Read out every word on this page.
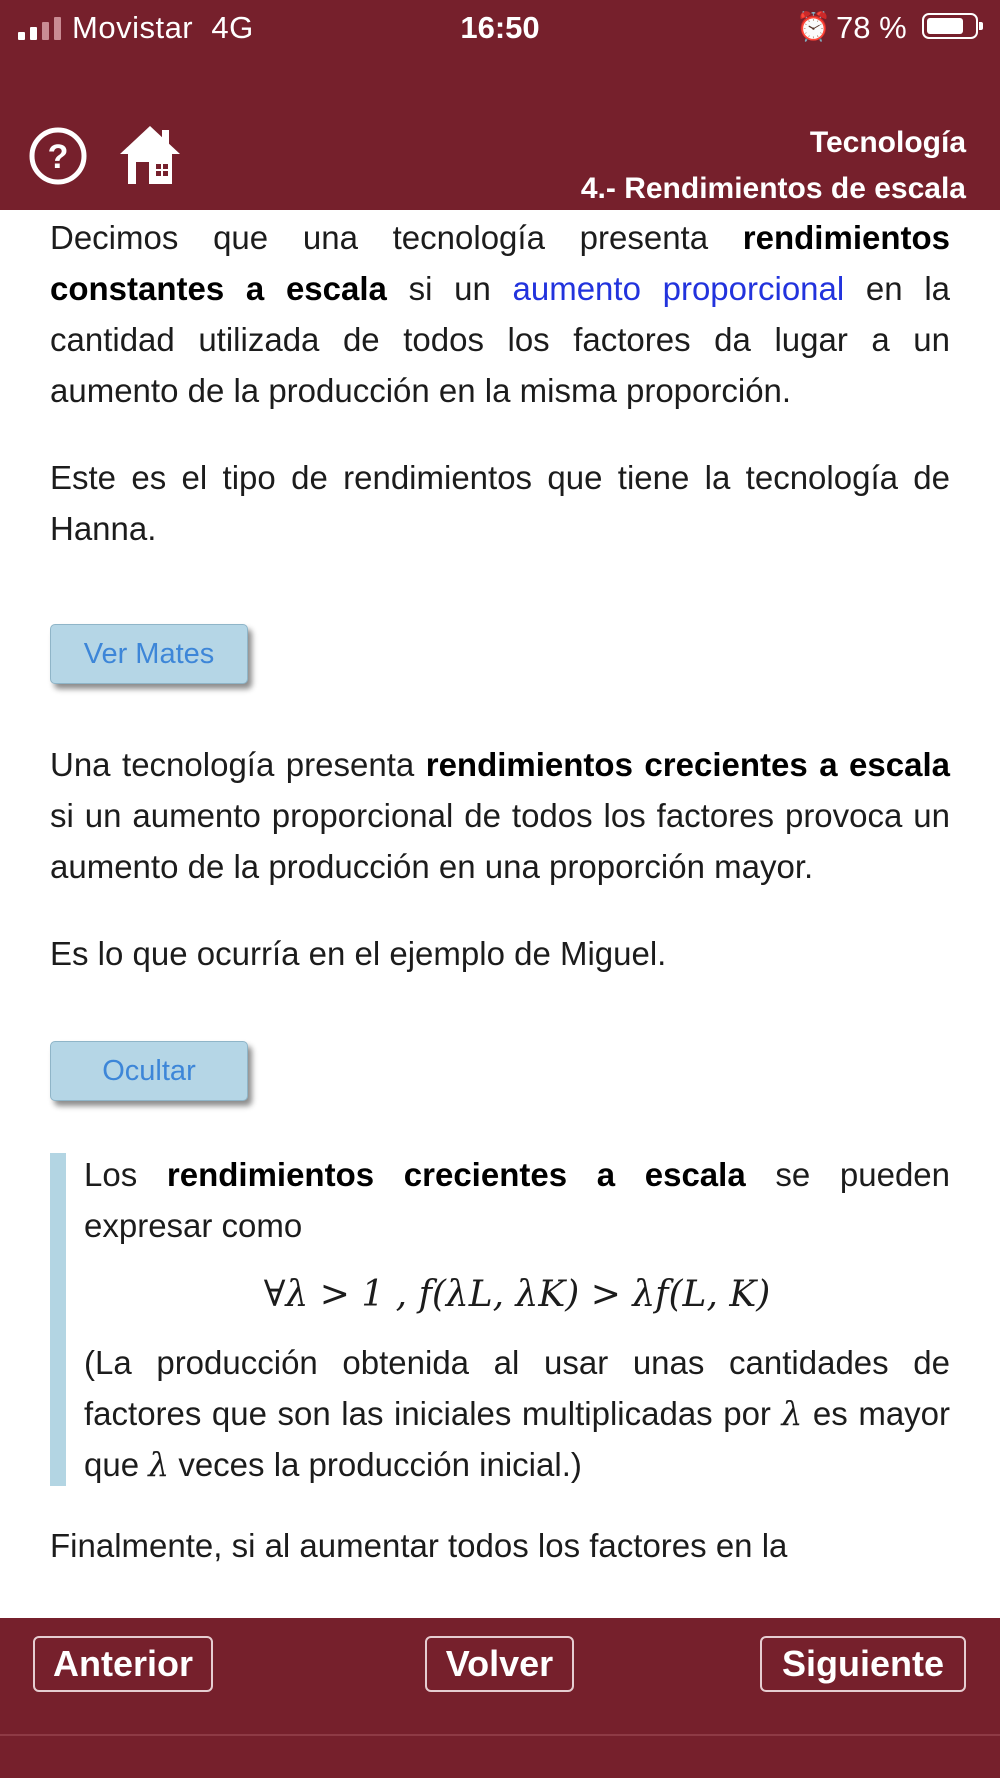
Movistar 4G	16:50	⏰ 78 %
?	Tecnología
4.- Rendimientos de escala

Decimos que una tecnología presenta rendimientos constantes a escala si un aumento proporcional en la cantidad utilizada de todos los factores da lugar a un aumento de la producción en la misma proporción.

Este es el tipo de rendimientos que tiene la tecnología de Hanna.

Ver Mates

Una tecnología presenta rendimientos crecientes a escala si un aumento proporcional de todos los factores provoca un aumento de la producción en una proporción mayor.

Es lo que ocurría en el ejemplo de Miguel.

Ocultar

Los rendimientos crecientes a escala se pueden expresar como

∀λ > 1 , f(λL, λK) > λf(L, K)

(La producción obtenida al usar unas cantidades de factores que son las iniciales multiplicadas por λ es mayor que λ veces la producción inicial.)

Finalmente, si al aumentar todos los factores en la

Anterior	Volver	Siguiente
